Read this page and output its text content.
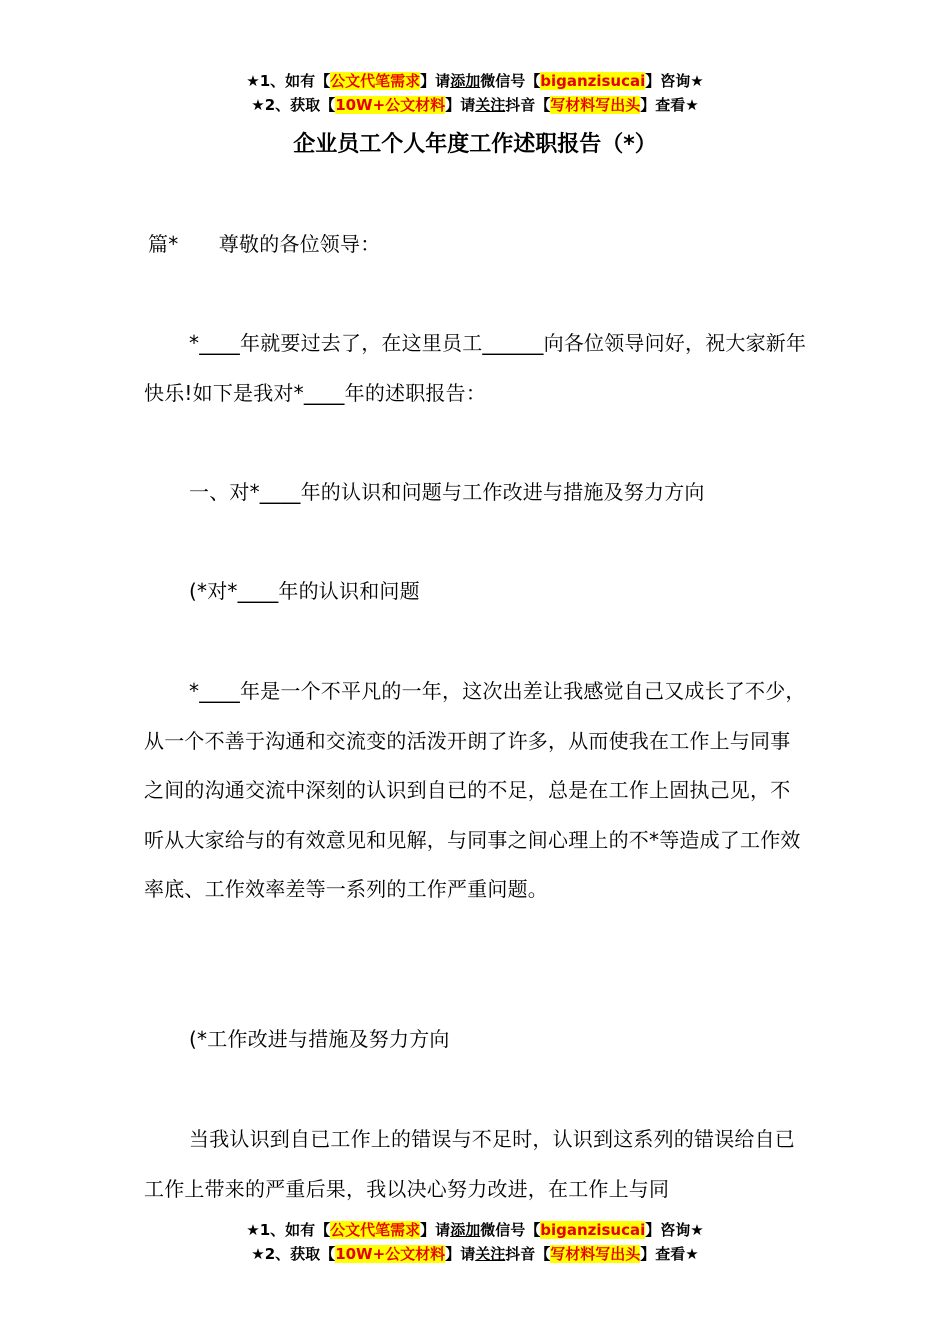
★1、如有【公文代笔需求】请添加微信号【biganzisucai】咨询★
★2、获取【10W+公文材料】请关注抖音【写材料写出头】查看★
企业员工个人年度工作述职报告（*）

篇*　　尊敬的各位领导：

*____年就要过去了，在这里员工______向各位领导问好，祝大家新年快乐!如下是我对*____年的述职报告：

一、对*____年的认识和问题与工作改进与措施及努力方向

(*对*____年的认识和问题

*____年是一个不平凡的一年，这次出差让我感觉自己又成长了不少，从一个不善于沟通和交流变的活泼开朗了许多，从而使我在工作上与同事之间的沟通交流中深刻的认识到自已的不足，总是在工作上固执己见，不听从大家给与的有效意见和见解，与同事之间心理上的不*等造成了工作效率底、工作效率差等一系列的工作严重问题。

(*工作改进与措施及努力方向

当我认识到自已工作上的错误与不足时，认识到这系列的错误给自已工作上带来的严重后果，我以决心努力改进，在工作上与同

★1、如有【公文代笔需求】请添加微信号【biganzisucai】咨询★
★2、获取【10W+公文材料】请关注抖音【写材料写出头】查看★
